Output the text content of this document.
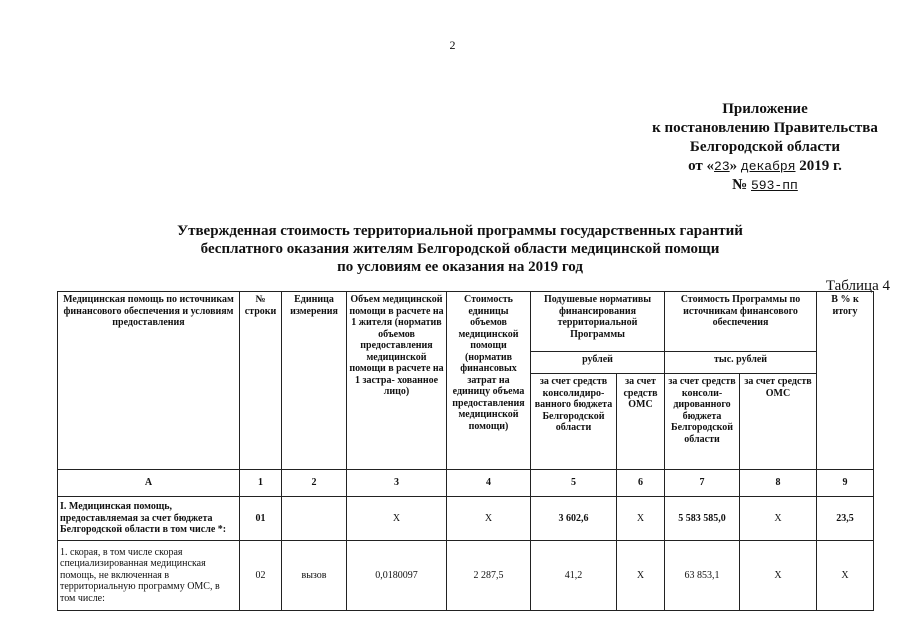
2
Приложение
к постановлению Правительства
Белгородской области
от «23» декабря 2019 г.
№ 593-пп
Утвержденная стоимость территориальной программы государственных гарантий
бесплатного оказания жителям Белгородской области медицинской помощи
по условиям ее оказания на 2019 год
Таблица 4
Медицинская помощь по источникам финансового обеспечения и условиям предоставления	№ строки	Единица измерения	Объем медицинской помощи в расчете на 1 жителя (норматив объемов предоставления медицинской помощи в расчете на 1 застра- хованное лицо)	Стоимость единицы объемов медицинской помощи (норматив финансовых затрат на единицу объема предоставления медицинской помощи)	Подушевые нормативы финансирования территориальной Программы		Стоимость Программы по источникам финансового обеспечения		В % к итогу
					рублей		тыс. рублей		
					за счет средств консолидиро- ванного бюджета Белгородской области	за счет средств ОМС	за счет средств консоли- дированного бюджета Белгородской области	за счет средств ОМС	
А	1	2	3	4	5	6	7	8	9
I. Медицинская помощь, предоставляемая за счет бюджета Белгородской области в том числе *:	01		Х	Х	3 602,6	Х	5 583 585,0	Х	23,5
1. скорая, в том числе скорая специализированная медицинская помощь, не включенная в территориальную программу ОМС, в том числе:	02	вызов	0,0180097	2 287,5	41,2	Х	63 853,1	Х	Х
